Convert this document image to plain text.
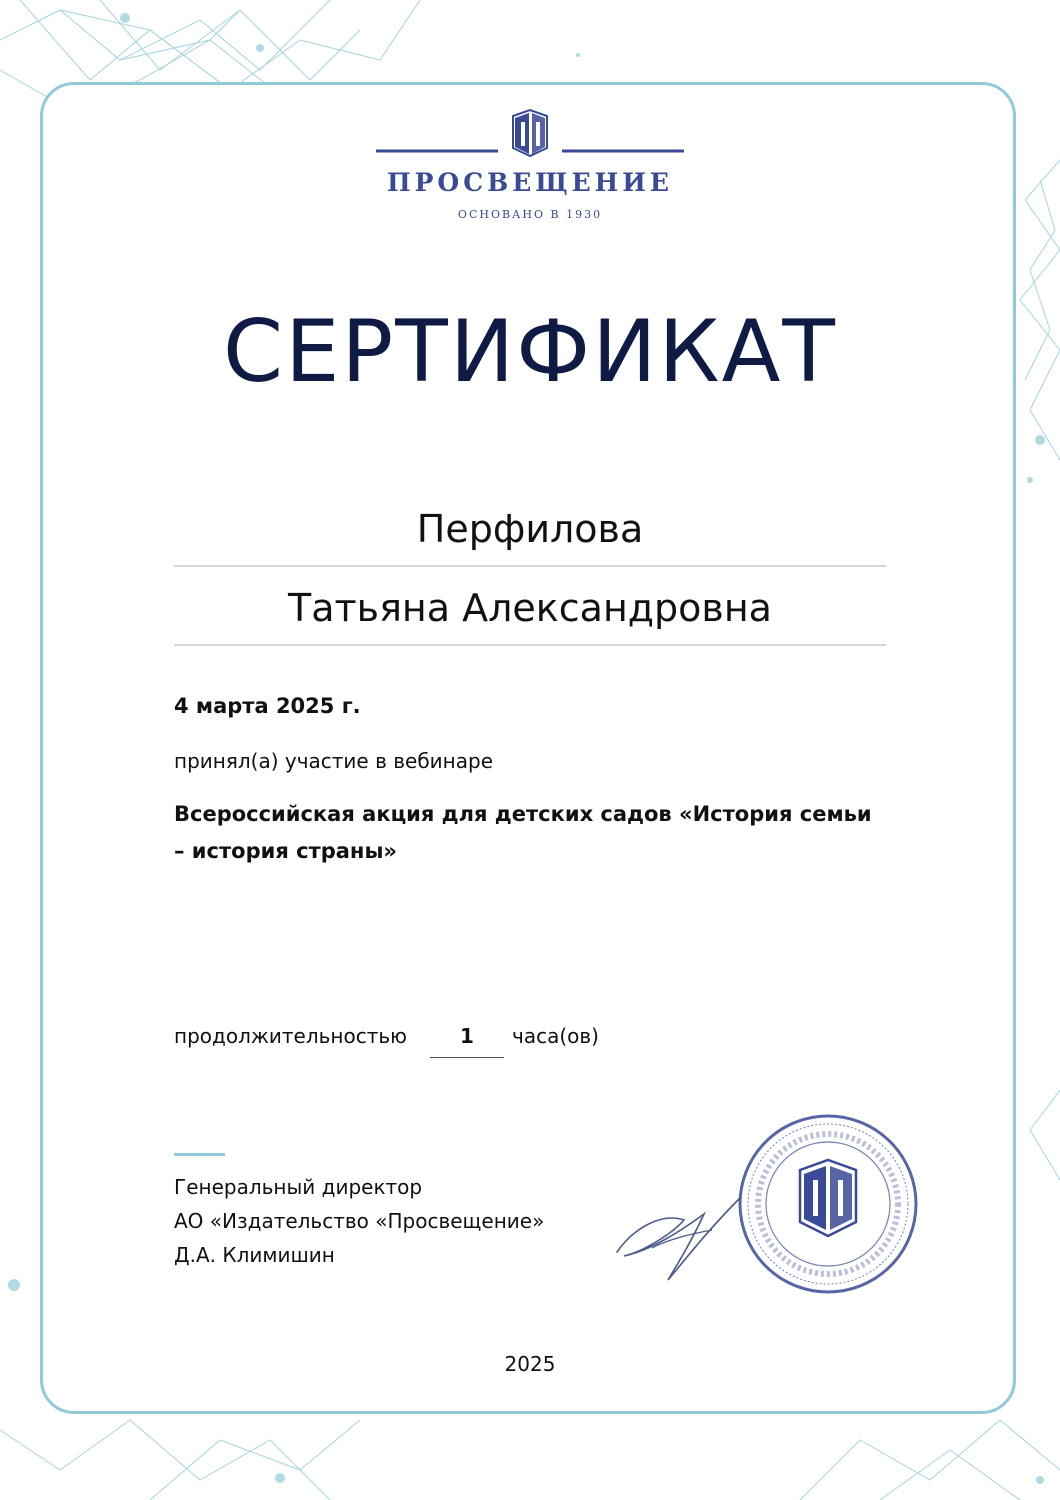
ПРОСВЕЩЕНИЕ
ОСНОВАНО В 1930
СЕРТИФИКАТ
Перфилова
Татьяна Александровна
4 марта 2025 г.
принял(а) участие в вебинаре
Всероссийская акция для детских садов «История семьи – история страны»
продолжительностью	1	часа(ов)
Генеральный директор
АО «Издательство «Просвещение»
Д.А. Климишин
2025
